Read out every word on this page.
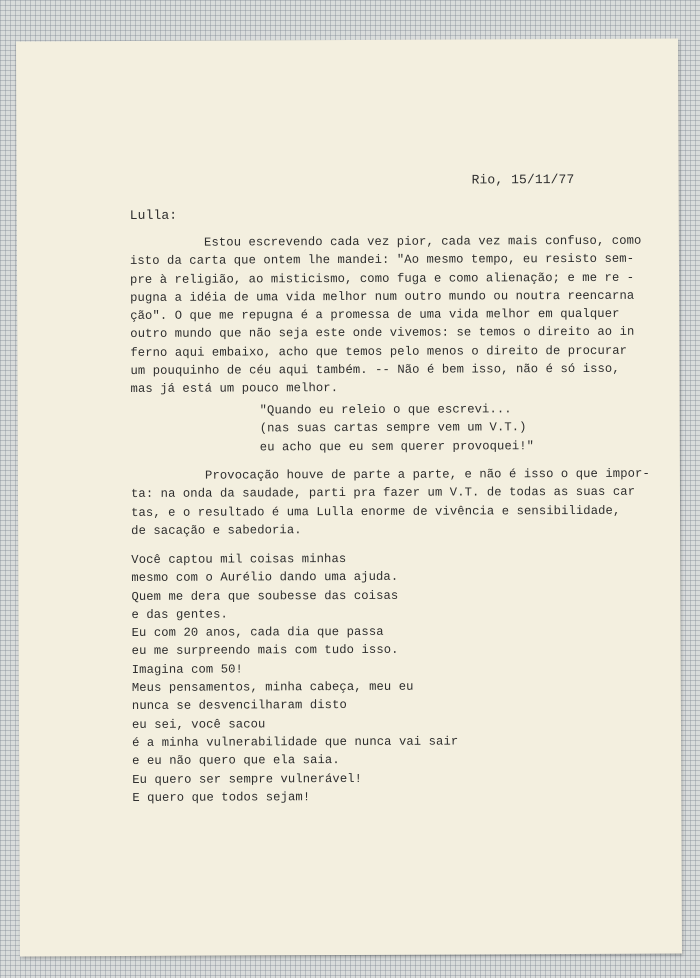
Rio, 15/11/77
Lulla:
Estou escrevendo cada vez pior, cada vez mais confuso, como
isto da carta que ontem lhe mandei: "Ao mesmo tempo, eu resisto sem-
pre à religião, ao misticismo, como fuga e como alienação; e me re -
pugna a idéia de uma vida melhor num outro mundo ou noutra reencarna
ção". O que me repugna é a promessa de uma vida melhor em qualquer
outro mundo que não seja este onde vivemos: se temos o direito ao in
ferno aqui embaixo, acho que temos pelo menos o direito de procurar
um pouquinho de céu aqui também. -- Não é bem isso, não é só isso,
mas já está um pouco melhor.
"Quando eu releio o que escrevi...
(nas suas cartas sempre vem um V.T.)
eu acho que eu sem querer provoquei!"
Provocação houve de parte a parte, e não é isso o que impor-
ta: na onda da saudade, parti pra fazer um V.T. de todas as suas car
tas, e o resultado é uma Lulla enorme de vivência e sensibilidade,
de sacação e sabedoria.
Você captou mil coisas minhas
mesmo com o Aurélio dando uma ajuda.
Quem me dera que soubesse das coisas
e das gentes.
Eu com 20 anos, cada dia que passa
eu me surpreendo mais com tudo isso.
Imagina com 50!
Meus pensamentos, minha cabeça, meu eu
nunca se desvencilharam disto
eu sei, você sacou
é a minha vulnerabilidade que nunca vai sair
e eu não quero que ela saia.
Eu quero ser sempre vulnerável!
E quero que todos sejam!
